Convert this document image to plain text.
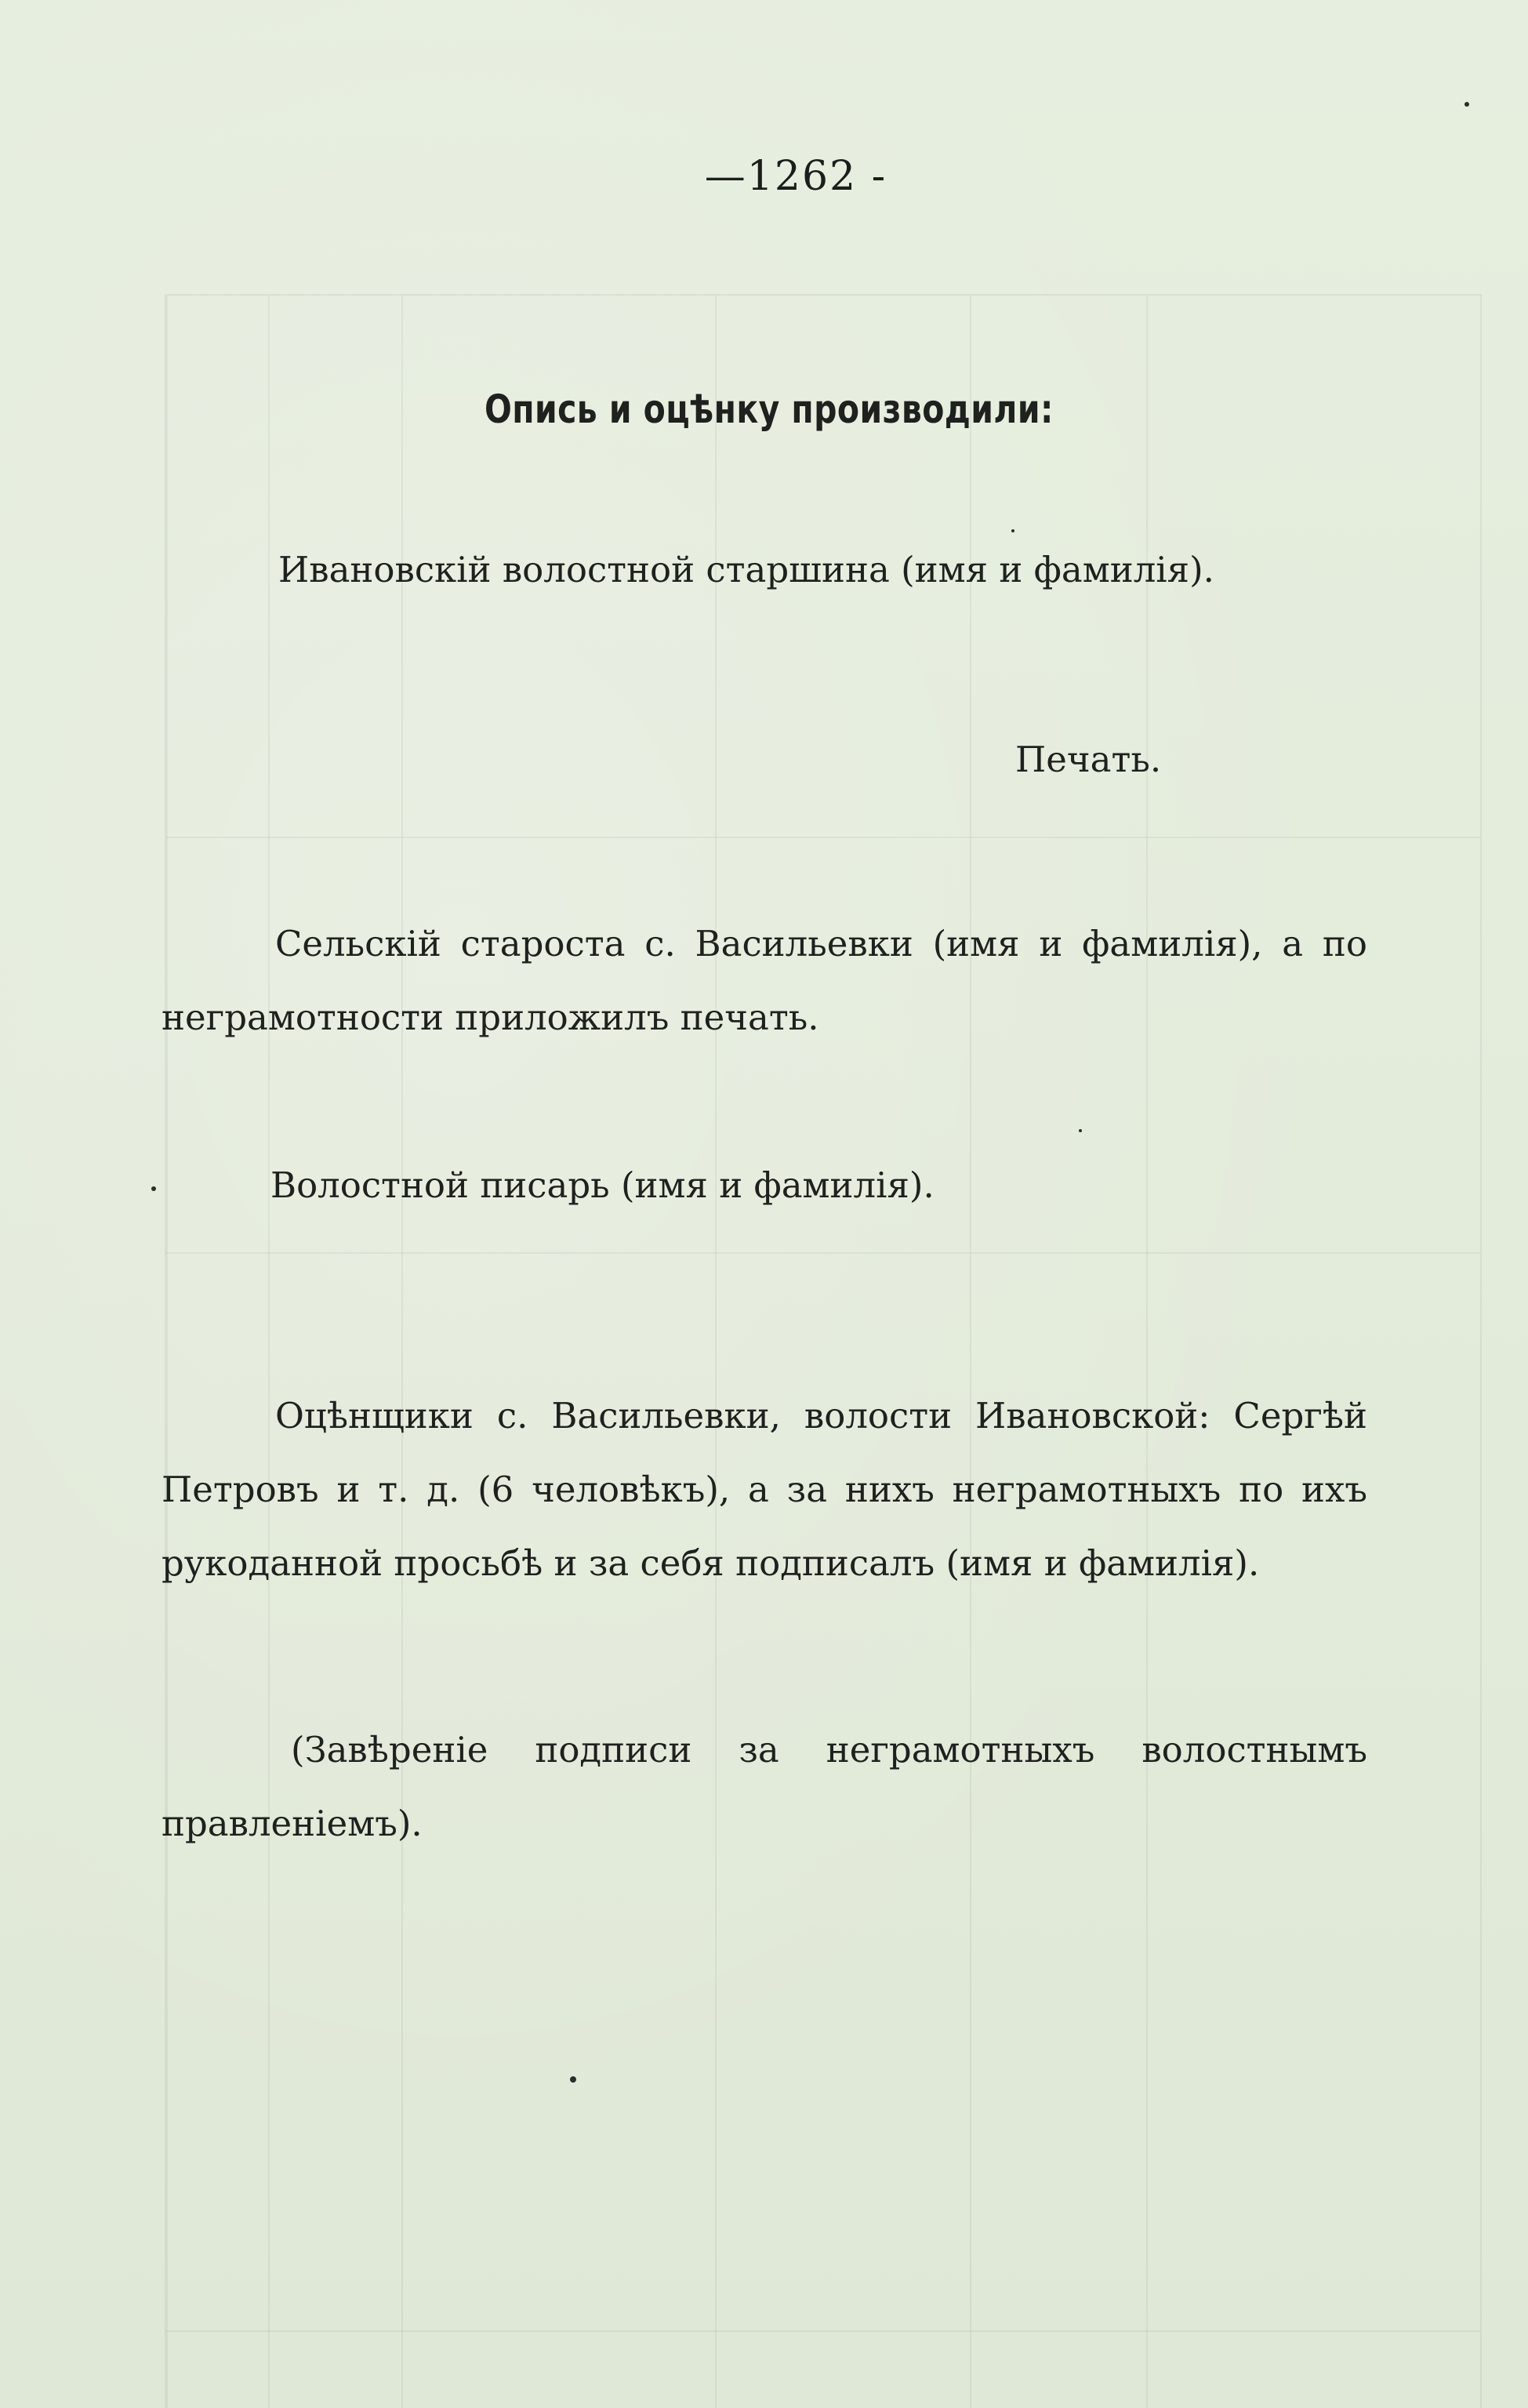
—1262 -
Опись и оцѣнку производили:
Ивановскій волостной старшина (имя и фамилія).
Печать.
Сельскій староста с. Васильевки (имя и фамилія), а по неграмотности приложилъ печать.
Волостной писарь (имя и фамилія).
Оцѣнщики с. Васильевки, волости Ивановской: Сергѣй Петровъ и т. д. (6 человѣкъ), а за нихъ неграмотныхъ по ихъ рукоданной просьбѣ и за себя подписалъ (имя и фамилія).
(Завѣреніе подписи за неграмотныхъ волостнымъ правленіемъ).
